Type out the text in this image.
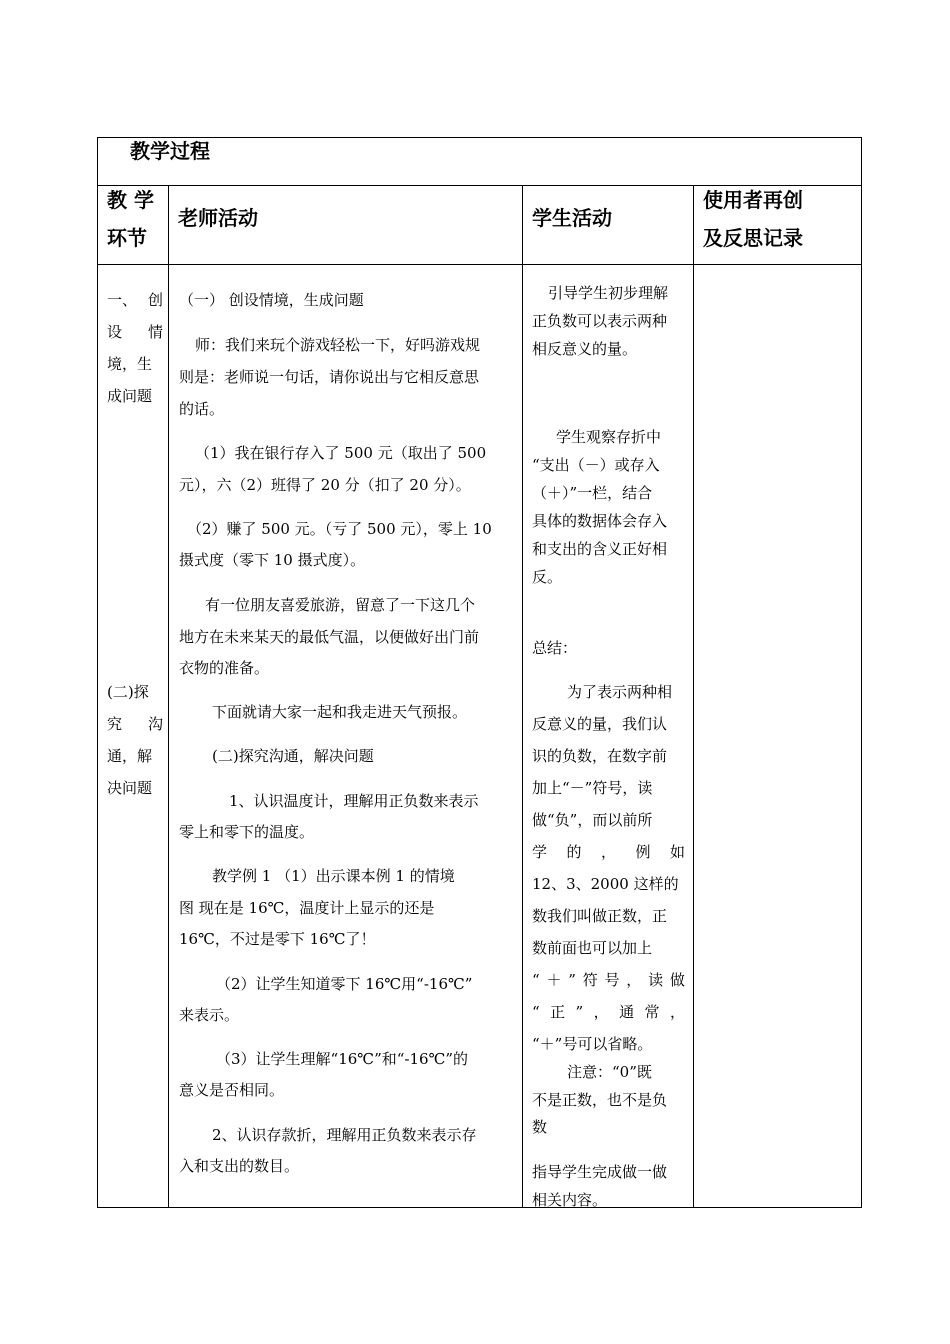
教学过程
教 学
环节
老师活动	学生活动
使用者再创
及反思记录
一、 创
设 情
境，生
成问题
(二)探
究 沟
通，解
决问题
（一） 创设情境，生成问题
师：我们来玩个游戏轻松一下，好吗游戏规
则是：老师说一句话，请你说出与它相反意思
的话。
（1）我在银行存入了 500 元（取出了 500
元），六（2）班得了 20 分（扣了 20 分）。
（2）赚了 500 元。（亏了 500 元），零上 10
摄式度（零下 10 摄式度）。
有一位朋友喜爱旅游，留意了一下这几个
地方在未来某天的最低气温，以便做好出门前
衣物的准备。
下面就请大家一起和我走进天气预报。
(二)探究沟通，解决问题
1、认识温度计，理解用正负数来表示
零上和零下的温度。
教学例 1 （1）出示课本例 1 的情境
图 现在是 16℃，温度计上显示的还是
16℃，不过是零下 16℃了！
（2）让学生知道零下 16℃用“-16℃”
来表示。
（3）让学生理解“16℃”和“-16℃”的
意义是否相同。
2、认识存款折，理解用正负数来表示存
入和支出的数目。
引导学生初步理解
正负数可以表示两种
相反意义的量。
学生观察存折中
“支出（－）或存入
（＋）”一栏，结合
具体的数据体会存入
和支出的含义正好相
反。
总结：
为了表示两种相
反意义的量，我们认
识的负数，在数字前
加上“－”符号，读
做“负”，而以前所
学 的 ， 例 如
12、3、2000 这样的
数我们叫做正数，正
数前面也可以加上
“ ＋ ” 符 号 ， 读 做
“ 正 ” ， 通 常 ，
“＋”号可以省略。
注意：“0”既
不是正数，也不是负
数
指导学生完成做一做
相关内容。
